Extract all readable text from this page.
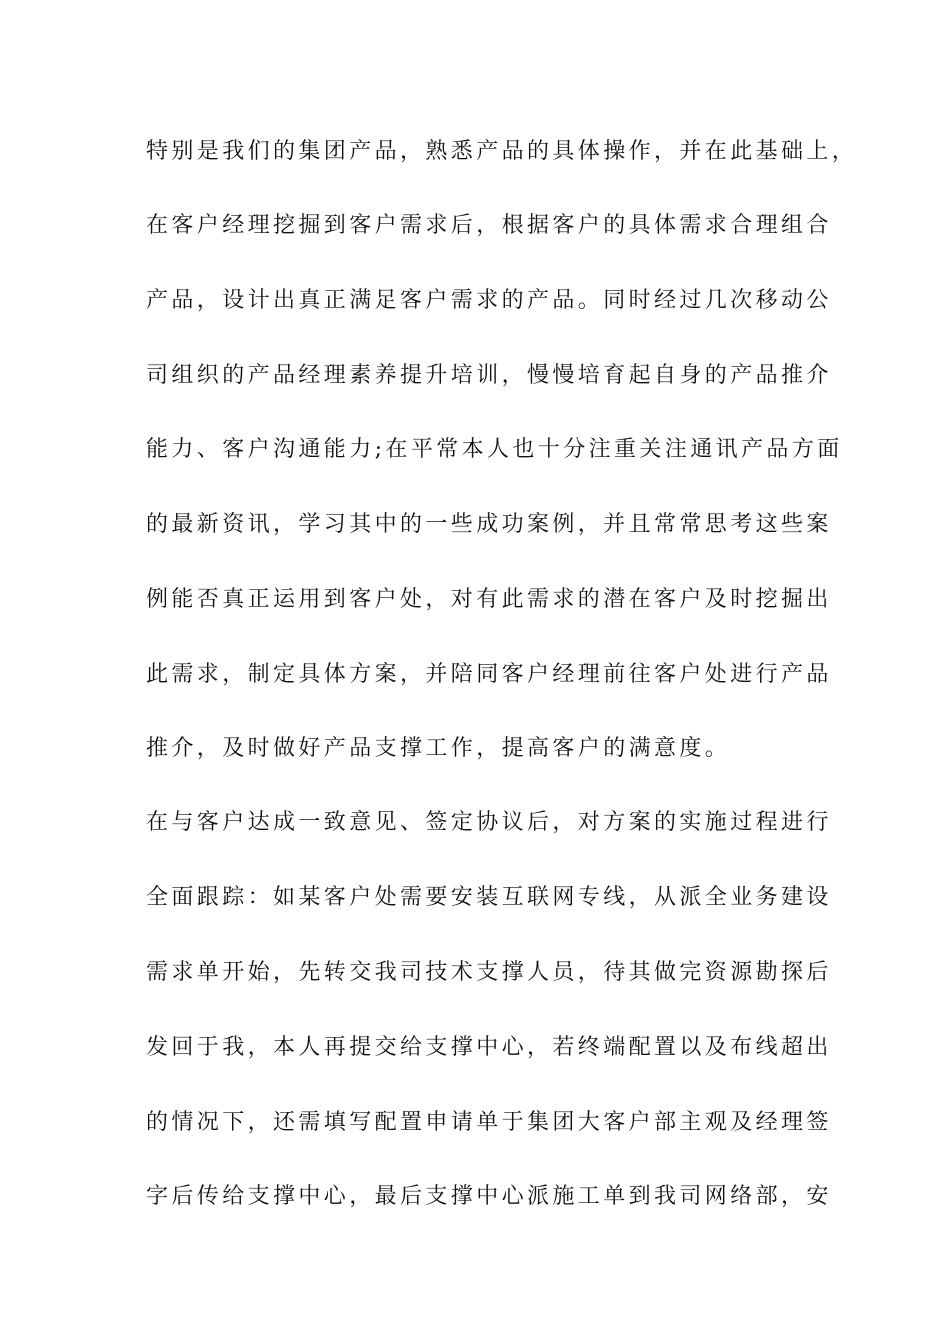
特别是我们的集团产品，熟悉产品的具体操作，并在此基础上，
在客户经理挖掘到客户需求后，根据客户的具体需求合理组合
产品，设计出真正满足客户需求的产品。同时经过几次移动公
司组织的产品经理素养提升培训，慢慢培育起自身的产品推介
能力、客户沟通能力;在平常本人也十分注重关注通讯产品方面
的最新资讯，学习其中的一些成功案例，并且常常思考这些案
例能否真正运用到客户处，对有此需求的潜在客户及时挖掘出
此需求，制定具体方案，并陪同客户经理前往客户处进行产品
推介，及时做好产品支撑工作，提高客户的满意度。
在与客户达成一致意见、签定协议后，对方案的实施过程进行
全面跟踪：如某客户处需要安装互联网专线，从派全业务建设
需求单开始，先转交我司技术支撑人员，待其做完资源勘探后
发回于我，本人再提交给支撑中心，若终端配置以及布线超出
的情况下，还需填写配置申请单于集团大客户部主观及经理签
字后传给支撑中心，最后支撑中心派施工单到我司网络部，安
